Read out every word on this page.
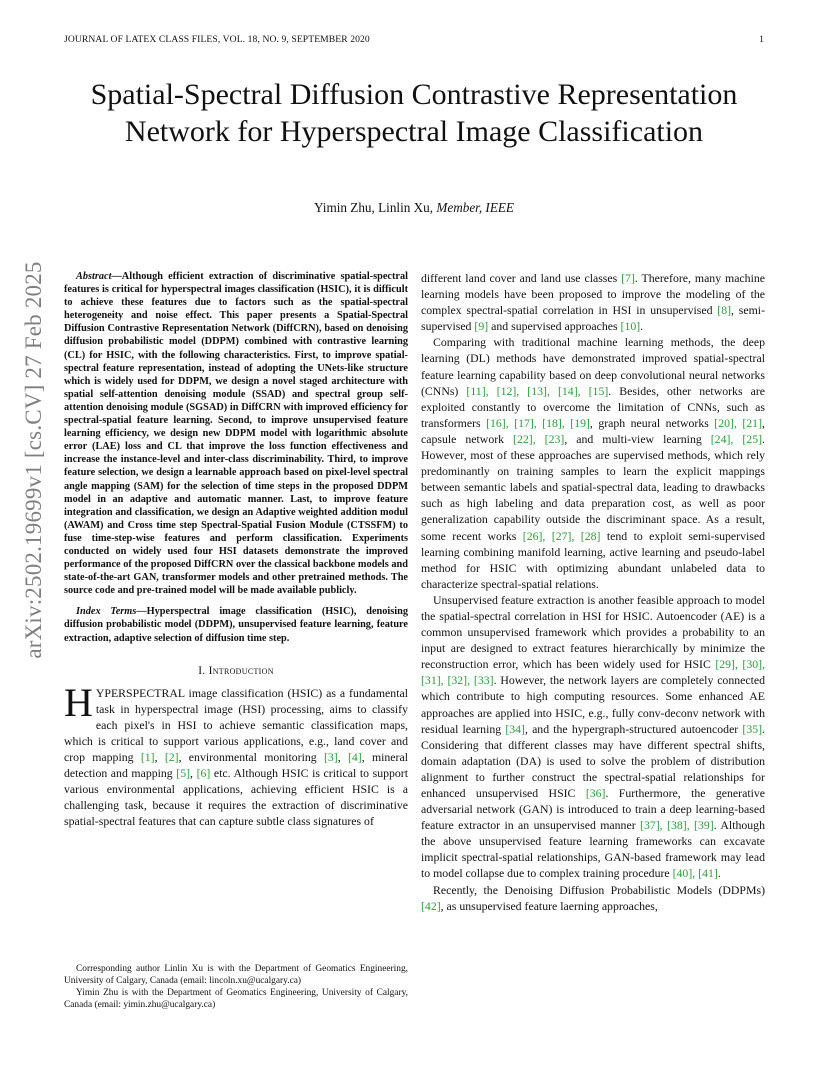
JOURNAL OF LATEX CLASS FILES, VOL. 18, NO. 9, SEPTEMBER 2020	1
Spatial-Spectral Diffusion Contrastive Representation Network for Hyperspectral Image Classification
Yimin Zhu, Linlin Xu, Member, IEEE
arXiv:2502.19699v1 [cs.CV] 27 Feb 2025	Abstract—Although efficient extraction of discriminative spatial-spectral features is critical for hyperspectral images classification (HSIC), it is difficult to achieve these features due to factors such as the spatial-spectral heterogeneity and noise effect. This paper presents a Spatial-Spectral Diffusion Contrastive Representation Network (DiffCRN), based on denoising diffusion probabilistic model (DDPM) combined with contrastive learning (CL) for HSIC, with the following characteristics. First, to improve spatial-spectral feature representation, instead of adopting the UNets-like structure which is widely used for DDPM, we design a novel staged architecture with spatial self-attention denoising module (SSAD) and spectral group self-attention denoising module (SGSAD) in DiffCRN with improved efficiency for spectral-spatial feature learning. Second, to improve unsupervised feature learning efficiency, we design new DDPM model with logarithmic absolute error (LAE) loss and CL that improve the loss function effectiveness and increase the instance-level and inter-class discriminability. Third, to improve feature selection, we design a learnable approach based on pixel-level spectral angle mapping (SAM) for the selection of time steps in the proposed DDPM model in an adaptive and automatic manner. Last, to improve feature integration and classification, we design an Adaptive weighted addition modul (AWAM) and Cross time step Spectral-Spatial Fusion Module (CTSSFM) to fuse time-step-wise features and perform classification. Experiments conducted on widely used four HSI datasets demonstrate the improved performance of the proposed DiffCRN over the classical backbone models and state-of-the-art GAN, transformer models and other pretrained methods. The source code and pre-trained model will be made available publicly.

Index Terms—Hyperspectral image classification (HSIC), denoising diffusion probabilistic model (DDPM), unsupervised feature learning, feature extraction, adaptive selection of diffusion time step.

I. Introduction

HYPERSPECTRAL image classification (HSIC) as a fundamental task in hyperspectral image (HSI) processing, aims to classify each pixel's in HSI to achieve semantic classification maps, which is critical to support various applications, e.g., land cover and crop mapping [1], [2], environmental monitoring [3], [4], mineral detection and mapping [5], [6] etc. Although HSIC is critical to support various environmental applications, achieving efficient HSIC is a challenging task, because it requires the extraction of discriminative spatial-spectral features that can capture subtle class signatures of

Corresponding author Linlin Xu is with the Department of Geomatics Engineering, University of Calgary, Canada (email: lincoln.xu@ucalgary.ca)

Yimin Zhu is with the Department of Geomatics Engineering, University of Calgary, Canada (email: yimin.zhu@ucalgary.ca)

different land cover and land use classes [7]. Therefore, many machine learning models have been proposed to improve the modeling of the complex spectral-spatial correlation in HSI in unsupervised [8], semi-supervised [9] and supervised approaches [10].

Comparing with traditional machine learning methods, the deep learning (DL) methods have demonstrated improved spatial-spectral feature learning capability based on deep convolutional neural networks (CNNs) [11], [12], [13], [14], [15]. Besides, other networks are exploited constantly to overcome the limitation of CNNs, such as transformers [16], [17], [18], [19], graph neural networks [20], [21], capsule network [22], [23], and multi-view learning [24], [25]. However, most of these approaches are supervised methods, which rely predominantly on training samples to learn the explicit mappings between semantic labels and spatial-spectral data, leading to drawbacks such as high labeling and data preparation cost, as well as poor generalization capability outside the discriminant space. As a result, some recent works [26], [27], [28] tend to exploit semi-supervised learning combining manifold learning, active learning and pseudo-label method for HSIC with optimizing abundant unlabeled data to characterize spectral-spatial relations.

Unsupervised feature extraction is another feasible approach to model the spatial-spectral correlation in HSI for HSIC. Autoencoder (AE) is a common unsupervised framework which provides a probability to an input are designed to extract features hierarchically by minimize the reconstruction error, which has been widely used for HSIC [29], [30], [31], [32], [33]. However, the network layers are completely connected which contribute to high computing resources. Some enhanced AE approaches are applied into HSIC, e.g., fully conv-deconv network with residual learning [34], and the hypergraph-structured autoencoder [35]. Considering that different classes may have different spectral shifts, domain adaptation (DA) is used to solve the problem of distribution alignment to further construct the spectral-spatial relationships for enhanced unsupervised HSIC [36]. Furthermore, the generative adversarial network (GAN) is introduced to train a deep learning-based feature extractor in an unsupervised manner [37], [38], [39]. Although the above unsupervised feature learning frameworks can excavate implicit spectral-spatial relationships, GAN-based framework may lead to model collapse due to complex training procedure [40], [41].

Recently, the Denoising Diffusion Probabilistic Models (DDPMs) [42], as unsupervised feature laerning approaches,
